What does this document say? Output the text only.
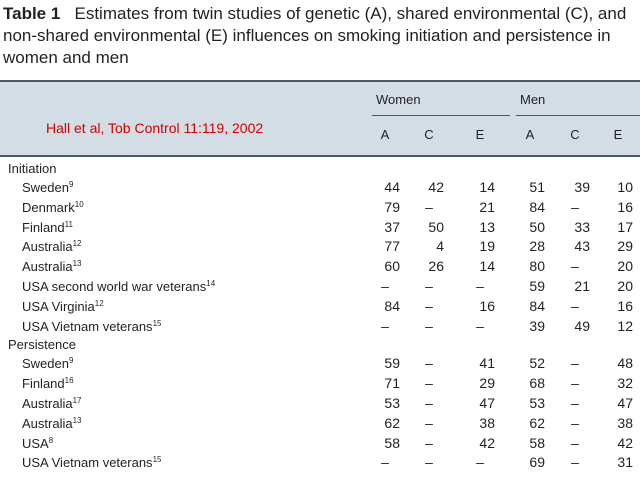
Table 1 Estimates from twin studies of genetic (A), shared environmental (C), and non-shared environmental (E) influences on smoking initiation and persistence in women and men
Women	Men
Hall et al, Tob Control 11:119, 2002	A	C	E	A	C	E
Initiation
Sweden$^9$	44	42	14	51	39	10
Denmark$^{10}$	79	–	21	84	–	16
Finland$^{11}$	37	50	13	50	33	17
Australia$^{12}$	77	4	19	28	43	29
Australia$^{13}$	60	26	14	80	–	20
USA second world war veterans$^{14}$	–	–	–	59	21	20
USA Virginia$^{12}$	84	–	16	84	–	16
USA Vietnam veterans$^{15}$	–	–	–	39	49	12
Persistence
Sweden$^9$	59	–	41	52	–	48
Finland$^{16}$	71	–	29	68	–	32
Australia$^{17}$	53	–	47	53	–	47
Australia$^{13}$	62	–	38	62	–	38
USA$^8$	58	–	42	58	–	42
USA Vietnam veterans$^{15}$	–	–	–	69	–	31
